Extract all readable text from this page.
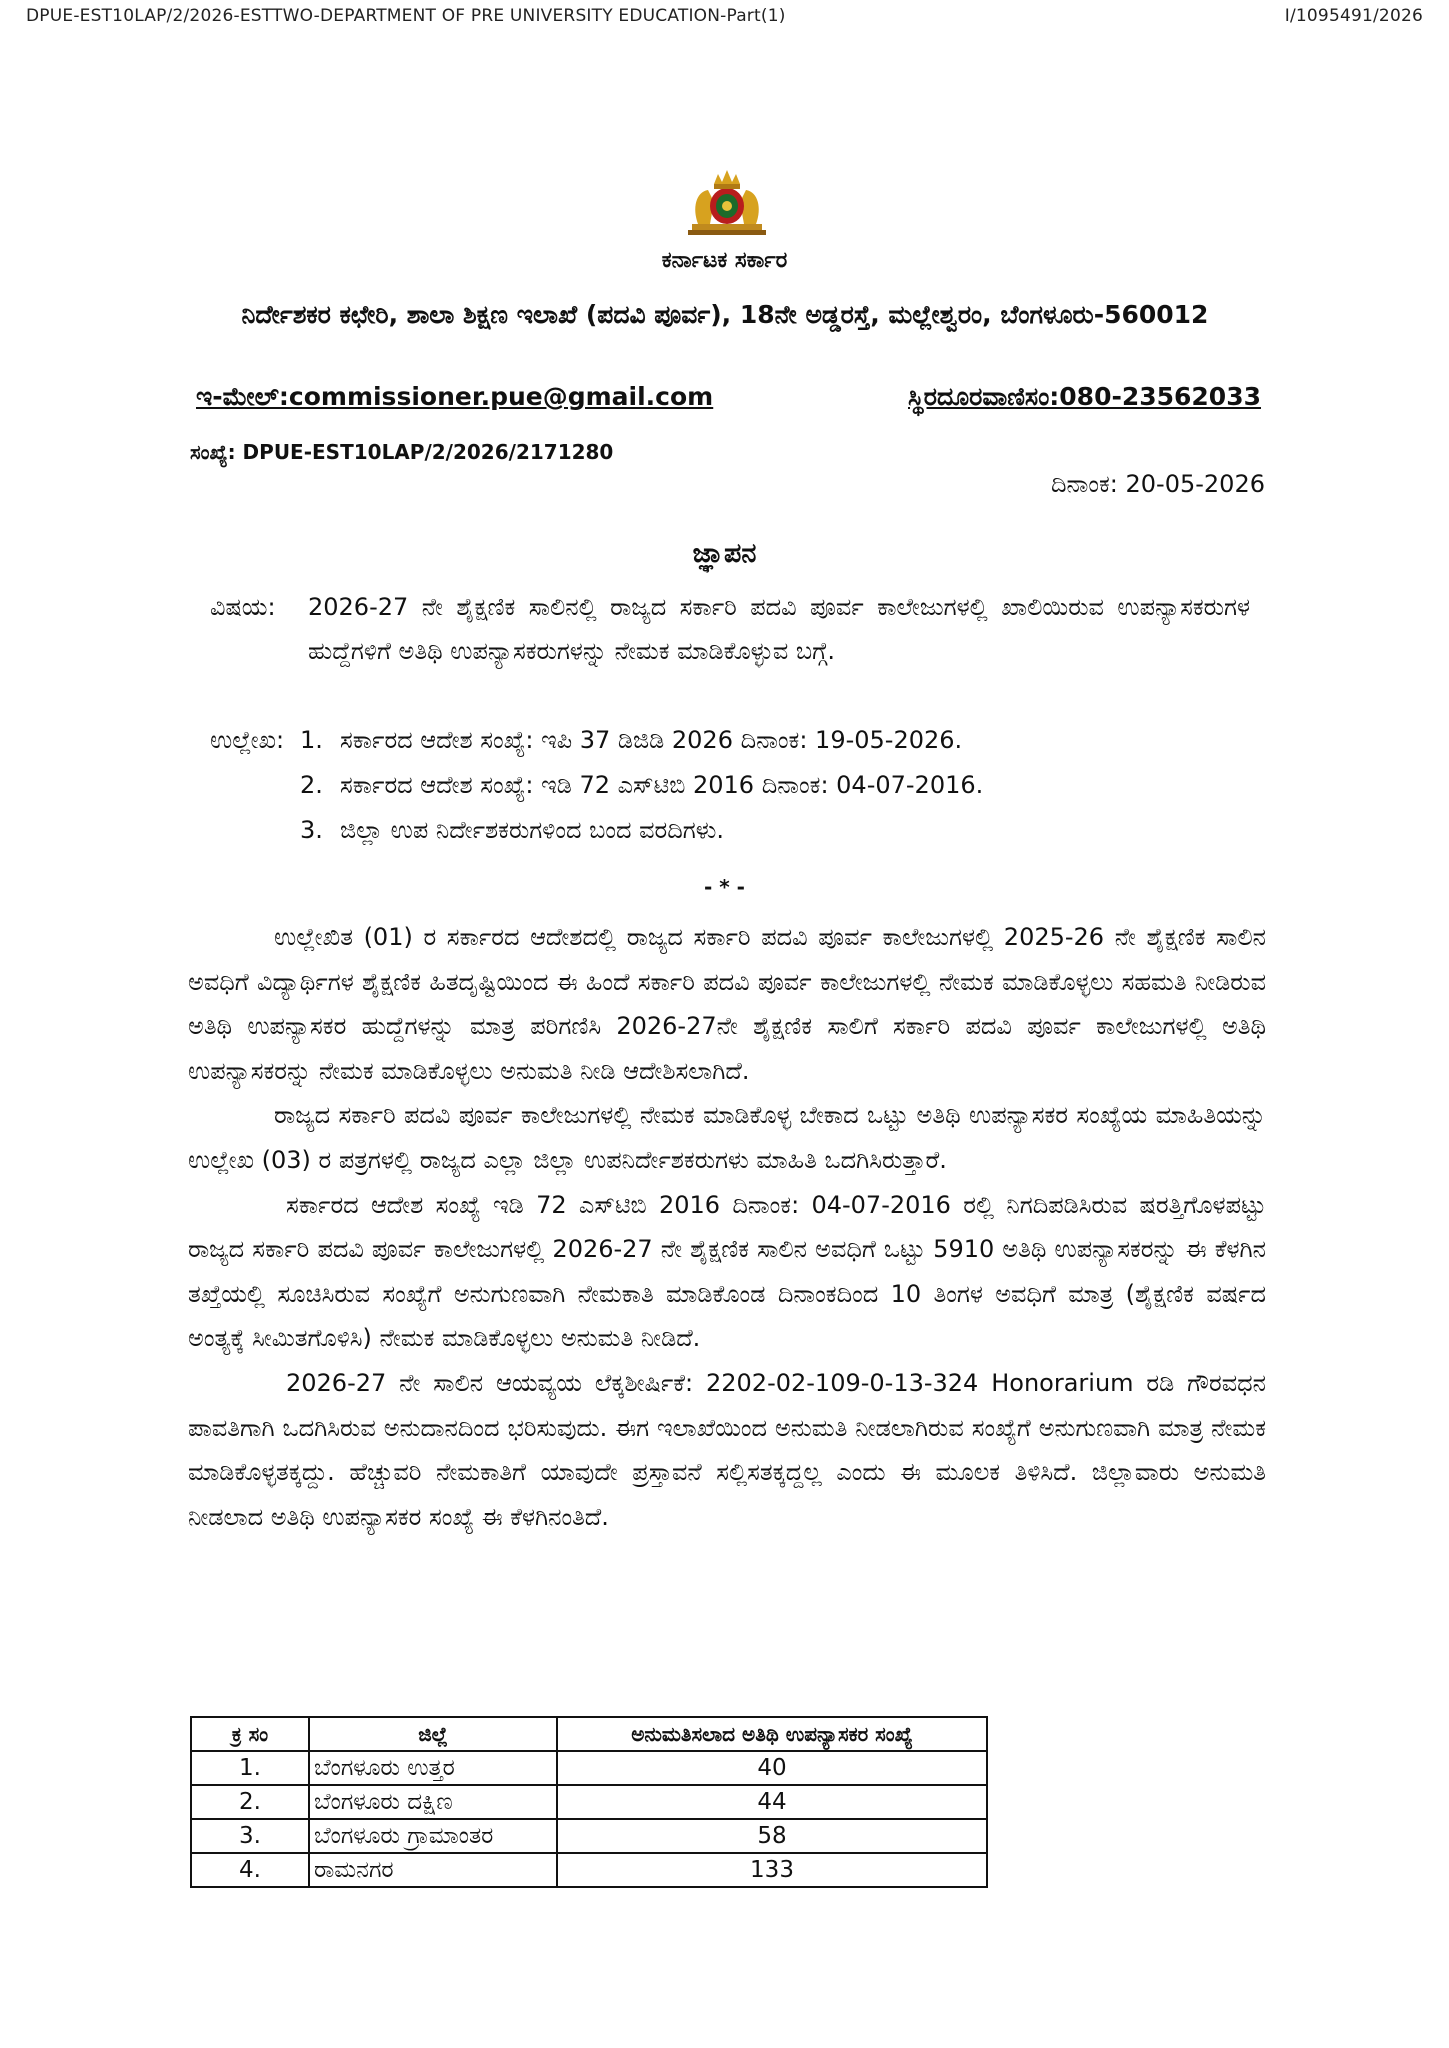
DPUE-EST10LAP/2/2026-ESTTWO-DEPARTMENT OF PRE UNIVERSITY EDUCATION-Part(1)	I/1095491/2026
ಕರ್ನಾಟಕ ಸರ್ಕಾರ
ನಿರ್ದೇಶಕರ ಕಛೇರಿ, ಶಾಲಾ ಶಿಕ್ಷಣ ಇಲಾಖೆ (ಪದವಿ ಪೂರ್ವ), 18ನೇ ಅಡ್ಡರಸ್ತೆ, ಮಲ್ಲೇಶ್ವರಂ, ಬೆಂಗಳೂರು-560012
ಇ-ಮೇಲ್:commissioner.pue@gmail.com	ಸ್ಥಿರದೂರವಾಣಿಸಂ:080-23562033
ಸಂಖ್ಯೆ: DPUE-EST10LAP/2/2026/2171280
ದಿನಾಂಕ: 20-05-2026
ಜ್ಞಾಪನ
ವಿಷಯ: 2026-27 ನೇ ಶೈಕ್ಷಣಿಕ ಸಾಲಿನಲ್ಲಿ ರಾಜ್ಯದ ಸರ್ಕಾರಿ ಪದವಿ ಪೂರ್ವ ಕಾಲೇಜುಗಳಲ್ಲಿ ಖಾಲಿಯಿರುವ ಉಪನ್ಯಾಸಕರುಗಳ ಹುದ್ದೆಗಳಿಗೆ ಅತಿಥಿ ಉಪನ್ಯಾಸಕರುಗಳನ್ನು ನೇಮಕ ಮಾಡಿಕೊಳ್ಳುವ ಬಗ್ಗೆ.
ಉಲ್ಲೇಖ: 1. ಸರ್ಕಾರದ ಆದೇಶ ಸಂಖ್ಯೆ: ಇಪಿ 37 ಡಿಜಿಡಿ 2026 ದಿನಾಂಕ: 19-05-2026.
2. ಸರ್ಕಾರದ ಆದೇಶ ಸಂಖ್ಯೆ: ಇಡಿ 72 ಎಸ್‌ಟಿಬಿ 2016 ದಿನಾಂಕ: 04-07-2016.
3. ಜಿಲ್ಲಾ ಉಪ ನಿರ್ದೇಶಕರುಗಳಿಂದ ಬಂದ ವರದಿಗಳು.
- * -

ಉಲ್ಲೇಖಿತ (01) ರ ಸರ್ಕಾರದ ಆದೇಶದಲ್ಲಿ ರಾಜ್ಯದ ಸರ್ಕಾರಿ ಪದವಿ ಪೂರ್ವ ಕಾಲೇಜುಗಳಲ್ಲಿ 2025-26 ನೇ ಶೈಕ್ಷಣಿಕ ಸಾಲಿನ ಅವಧಿಗೆ ವಿದ್ಯಾರ್ಥಿಗಳ ಶೈಕ್ಷಣಿಕ ಹಿತದೃಷ್ಟಿಯಿಂದ ಈ ಹಿಂದೆ ಸರ್ಕಾರಿ ಪದವಿ ಪೂರ್ವ ಕಾಲೇಜುಗಳಲ್ಲಿ ನೇಮಕ ಮಾಡಿಕೊಳ್ಳಲು ಸಹಮತಿ ನೀಡಿರುವ ಅತಿಥಿ ಉಪನ್ಯಾಸಕರ ಹುದ್ದೆಗಳನ್ನು ಮಾತ್ರ ಪರಿಗಣಿಸಿ 2026-27ನೇ ಶೈಕ್ಷಣಿಕ ಸಾಲಿಗೆ ಸರ್ಕಾರಿ ಪದವಿ ಪೂರ್ವ ಕಾಲೇಜುಗಳಲ್ಲಿ ಅತಿಥಿ ಉಪನ್ಯಾಸಕರನ್ನು ನೇಮಕ ಮಾಡಿಕೊಳ್ಳಲು ಅನುಮತಿ ನೀಡಿ ಆದೇಶಿಸಲಾಗಿದೆ.

ರಾಜ್ಯದ ಸರ್ಕಾರಿ ಪದವಿ ಪೂರ್ವ ಕಾಲೇಜುಗಳಲ್ಲಿ ನೇಮಕ ಮಾಡಿಕೊಳ್ಳ ಬೇಕಾದ ಒಟ್ಟು ಅತಿಥಿ ಉಪನ್ಯಾಸಕರ ಸಂಖ್ಯೆಯ ಮಾಹಿತಿಯನ್ನು ಉಲ್ಲೇಖ (03) ರ ಪತ್ರಗಳಲ್ಲಿ ರಾಜ್ಯದ ಎಲ್ಲಾ ಜಿಲ್ಲಾ ಉಪನಿರ್ದೇಶಕರುಗಳು ಮಾಹಿತಿ ಒದಗಿಸಿರುತ್ತಾರೆ.

ಸರ್ಕಾರದ ಆದೇಶ ಸಂಖ್ಯೆ ಇಡಿ 72 ಎಸ್‌ಟಿಬಿ 2016 ದಿನಾಂಕ: 04-07-2016 ರಲ್ಲಿ ನಿಗದಿಪಡಿಸಿರುವ ಷರತ್ತಿಗೊಳಪಟ್ಟು ರಾಜ್ಯದ ಸರ್ಕಾರಿ ಪದವಿ ಪೂರ್ವ ಕಾಲೇಜುಗಳಲ್ಲಿ 2026-27 ನೇ ಶೈಕ್ಷಣಿಕ ಸಾಲಿನ ಅವಧಿಗೆ ಒಟ್ಟು 5910 ಅತಿಥಿ ಉಪನ್ಯಾಸಕರನ್ನು ಈ ಕೆಳಗಿನ ತಖ್ತೆಯಲ್ಲಿ ಸೂಚಿಸಿರುವ ಸಂಖ್ಯೆಗೆ ಅನುಗುಣವಾಗಿ ನೇಮಕಾತಿ ಮಾಡಿಕೊಂಡ ದಿನಾಂಕದಿಂದ 10 ತಿಂಗಳ ಅವಧಿಗೆ ಮಾತ್ರ (ಶೈಕ್ಷಣಿಕ ವರ್ಷದ ಅಂತ್ಯಕ್ಕೆ ಸೀಮಿತಗೊಳಿಸಿ) ನೇಮಕ ಮಾಡಿಕೊಳ್ಳಲು ಅನುಮತಿ ನೀಡಿದೆ.

2026-27 ನೇ ಸಾಲಿನ ಆಯವ್ಯಯ ಲೆಕ್ಕಶೀರ್ಷಿಕೆ: 2202-02-109-0-13-324 Honorarium ರಡಿ ಗೌರವಧನ ಪಾವತಿಗಾಗಿ ಒದಗಿಸಿರುವ ಅನುದಾನದಿಂದ ಭರಿಸುವುದು. ಈಗ ಇಲಾಖೆಯಿಂದ ಅನುಮತಿ ನೀಡಲಾಗಿರುವ ಸಂಖ್ಯೆಗೆ ಅನುಗುಣವಾಗಿ ಮಾತ್ರ ನೇಮಕ ಮಾಡಿಕೊಳ್ಳತಕ್ಕದ್ದು. ಹೆಚ್ಚುವರಿ ನೇಮಕಾತಿಗೆ ಯಾವುದೇ ಪ್ರಸ್ತಾವನೆ ಸಲ್ಲಿಸತಕ್ಕದ್ದಲ್ಲ ಎಂದು ಈ ಮೂಲಕ ತಿಳಿಸಿದೆ. ಜಿಲ್ಲಾವಾರು ಅನುಮತಿ ನೀಡಲಾದ ಅತಿಥಿ ಉಪನ್ಯಾಸಕರ ಸಂಖ್ಯೆ ಈ ಕೆಳಗಿನಂತಿದೆ.

ಕ್ರ ಸಂ	ಜಿಲ್ಲೆ	ಅನುಮತಿಸಲಾದ ಅತಿಥಿ ಉಪನ್ಯಾಸಕರ ಸಂಖ್ಯೆ
1.	ಬೆಂಗಳೂರು ಉತ್ತರ	40
2.	ಬೆಂಗಳೂರು ದಕ್ಷಿಣ	44
3.	ಬೆಂಗಳೂರು ಗ್ರಾಮಾಂತರ	58
4.	ರಾಮನಗರ	133
